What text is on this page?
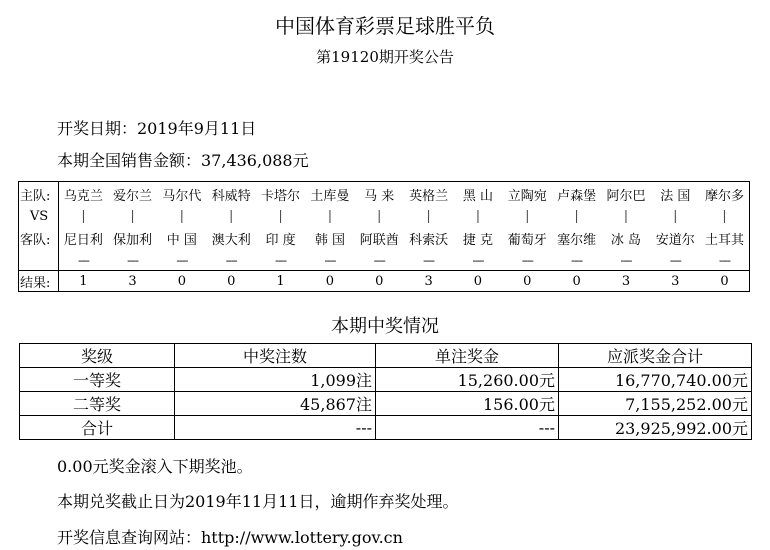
中国体育彩票足球胜平负
第19120期开奖公告
开奖日期：2019年9月11日
本期全国销售金额：37,436,088元
主队:	乌克兰	爱尔兰	马尔代	科威特	卡塔尔	土库曼	马 来	英格兰	黑 山	立陶宛	卢森堡	阿尔巴	法 国	摩尔多
VS	|	|	|	|	|	|	|	|	|	|	|	|	|	|
客队:	尼日利	保加利	中 国	澳大利	印 度	韩 国	阿联酋	科索沃	捷 克	葡萄牙	塞尔维	冰 岛	安道尔	土耳其
	----	----	----	----	----	----	----	----	----	----	----	----	----	----
结果:	1	3	0	0	1	0	0	3	0	0	0	3	3	0
本期中奖情况
奖级	中奖注数	单注奖金	应派奖金合计
一等奖	1,099注	15,260.00元	16,770,740.00元
二等奖	45,867注	156.00元	7,155,252.00元
合计	---	---	23,925,992.00元
0.00元奖金滚入下期奖池。
本期兑奖截止日为2019年11月11日，逾期作弃奖处理。
开奖信息查询网站：http://www.lottery.gov.cn
